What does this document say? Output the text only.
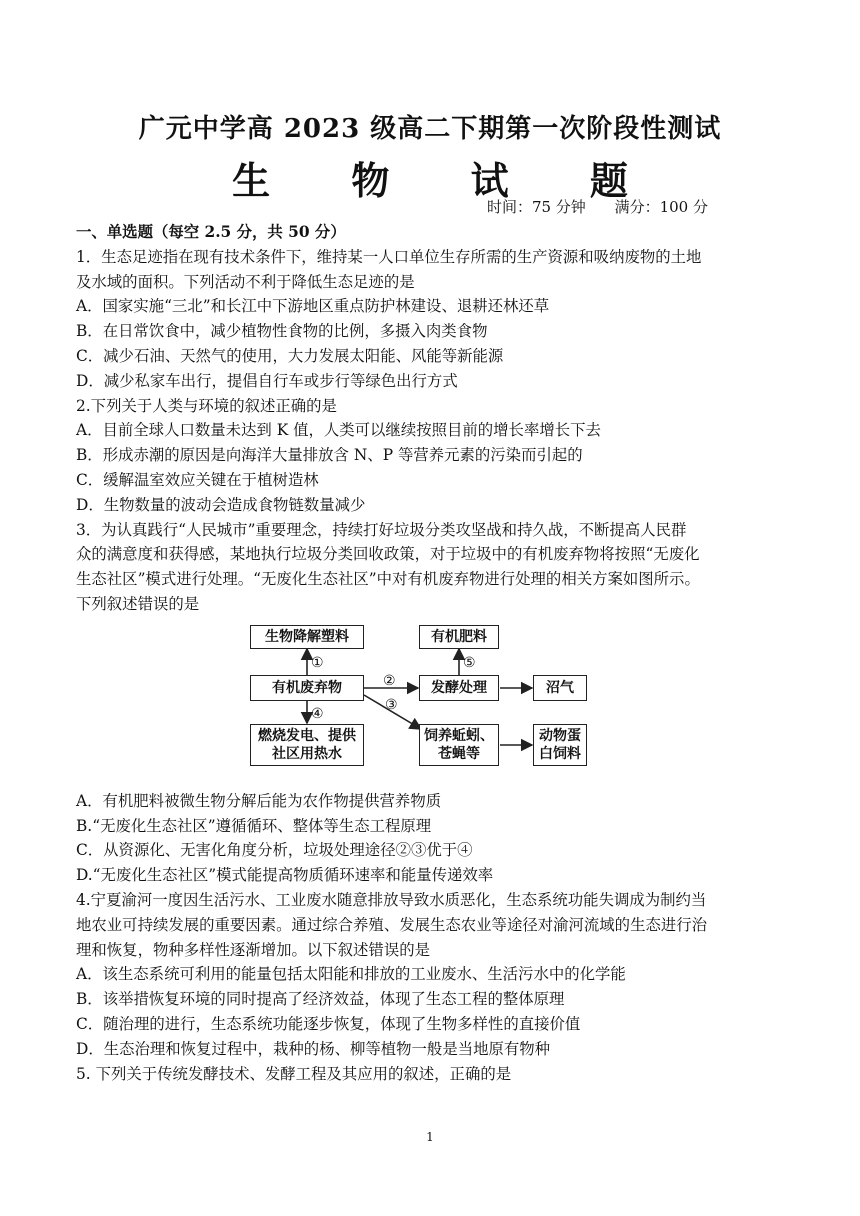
广元中学高 2023 级高二下期第一次阶段性测试
生 物 试 题
时间：75 分钟 满分：100 分
一、单选题（每空 2.5 分，共 50 分）
1．生态足迹指在现有技术条件下，维持某一人口单位生存所需的生产资源和吸纳废物的土地
及水域的面积。下列活动不利于降低生态足迹的是
A．国家实施“三北”和长江中下游地区重点防护林建设、退耕还林还草
B．在日常饮食中，减少植物性食物的比例，多摄入肉类食物
C．减少石油、天然气的使用，大力发展太阳能、风能等新能源
D．减少私家车出行，提倡自行车或步行等绿色出行方式
2.下列关于人类与环境的叙述正确的是
A．目前全球人口数量未达到 K 值，人类可以继续按照目前的增长率增长下去
B．形成赤潮的原因是向海洋大量排放含 N、P 等营养元素的污染而引起的
C．缓解温室效应关键在于植树造林
D．生物数量的波动会造成食物链数量减少
3．为认真践行“人民城市”重要理念，持续打好垃圾分类攻坚战和持久战，不断提高人民群
众的满意度和获得感，某地执行垃圾分类回收政策，对于垃圾中的有机废弃物将按照“无废化
生态社区”模式进行处理。“无废化生态社区”中对有机废弃物进行处理的相关方案如图所示。
下列叙述错误的是
生物降解塑料	有机肥料
有机废弃物	发酵处理	沼气
燃烧发电、提供社区用热水
饲养蚯蚓、苍蝇等
动物蛋白饲料
①
②
③
④
⑤
A．有机肥料被微生物分解后能为农作物提供营养物质
B.“无废化生态社区”遵循循环、整体等生态工程原理
C．从资源化、无害化角度分析，垃圾处理途径②③优于④
D.“无废化生态社区”模式能提高物质循环速率和能量传递效率
4.宁夏渝河一度因生活污水、工业废水随意排放导致水质恶化，生态系统功能失调成为制约当
地农业可持续发展的重要因素。通过综合养殖、发展生态农业等途径对渝河流域的生态进行治
理和恢复，物种多样性逐渐增加。以下叙述错误的是
A．该生态系统可利用的能量包括太阳能和排放的工业废水、生活污水中的化学能
B．该举措恢复环境的同时提高了经济效益，体现了生态工程的整体原理
C．随治理的进行，生态系统功能逐步恢复，体现了生物多样性的直接价值
D．生态治理和恢复过程中，栽种的杨、柳等植物一般是当地原有物种
5. 下列关于传统发酵技术、发酵工程及其应用的叙述，正确的是
1
